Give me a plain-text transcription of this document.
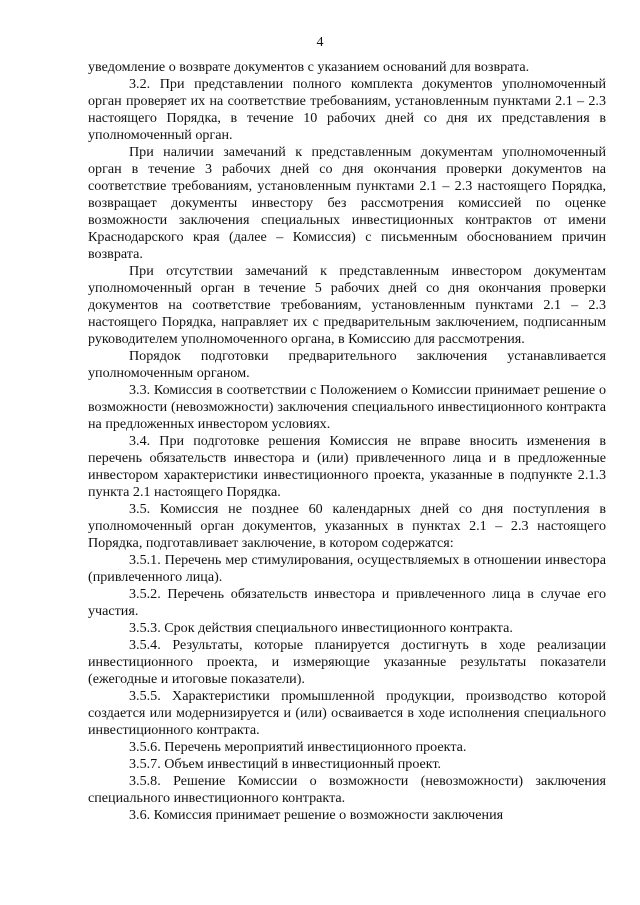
4

уведомление о возврате документов с указанием оснований для возврата.

3.2. При представлении полного комплекта документов уполномоченный орган проверяет их на соответствие требованиям, установленным пунктами 2.1 – 2.3 настоящего Порядка, в течение 10 рабочих дней со дня их представления в уполномоченный орган.

При наличии замечаний к представленным документам уполномоченный орган в течение 3 рабочих дней со дня окончания проверки документов на соответствие требованиям, установленным пунктами 2.1 – 2.3 настоящего Порядка, возвращает документы инвестору без рассмотрения комиссией по оценке возможности заключения специальных инвестиционных контрактов от имени Краснодарского края (далее – Комиссия) с письменным обоснованием причин возврата.

При отсутствии замечаний к представленным инвестором документам уполномоченный орган в течение 5 рабочих дней со дня окончания проверки документов на соответствие требованиям, установленным пунктами 2.1 – 2.3 настоящего Порядка, направляет их с предварительным заключением, подписанным руководителем уполномоченного органа, в Комиссию для рассмотрения.

Порядок подготовки предварительного заключения устанавливается уполномоченным органом.

3.3. Комиссия в соответствии с Положением о Комиссии принимает решение о возможности (невозможности) заключения специального инвестиционного контракта на предложенных инвестором условиях.

3.4. При подготовке решения Комиссия не вправе вносить изменения в перечень обязательств инвестора и (или) привлеченного лица и в предложенные инвестором характеристики инвестиционного проекта, указанные в подпункте 2.1.3 пункта 2.1 настоящего Порядка.

3.5. Комиссия не позднее 60 календарных дней со дня поступления в уполномоченный орган документов, указанных в пунктах 2.1 – 2.3 настоящего Порядка, подготавливает заключение, в котором содержатся:

3.5.1. Перечень мер стимулирования, осуществляемых в отношении инвестора (привлеченного лица).

3.5.2. Перечень обязательств инвестора и привлеченного лица в случае его участия.

3.5.3. Срок действия специального инвестиционного контракта.

3.5.4. Результаты, которые планируется достигнуть в ходе реализации инвестиционного проекта, и измеряющие указанные результаты показатели (ежегодные и итоговые показатели).

3.5.5. Характеристики промышленной продукции, производство которой создается или модернизируется и (или) осваивается в ходе исполнения специального инвестиционного контракта.

3.5.6. Перечень мероприятий инвестиционного проекта.

3.5.7. Объем инвестиций в инвестиционный проект.

3.5.8. Решение Комиссии о возможности (невозможности) заключения специального инвестиционного контракта.

3.6. Комиссия принимает решение о возможности заключения
